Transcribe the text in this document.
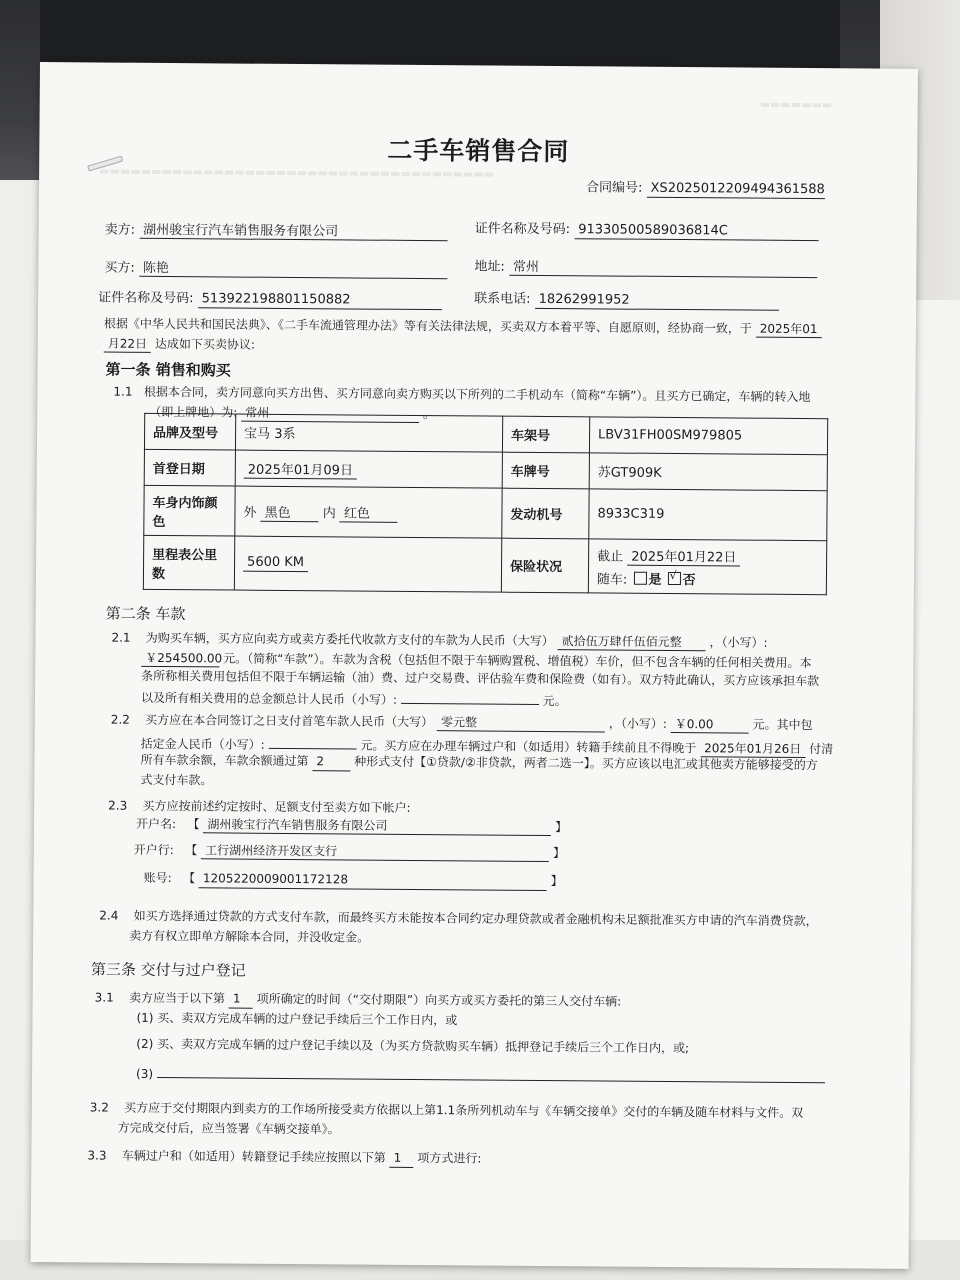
▬▬▬▬▬▬▬
▬▬▬▬▬▬▬▬▬▬▬▬▬▬▬▬▬▬▬▬▬▬▬▬▬▬▬▬▬▬▬▬▬▬▬▬▬▬
二手车销售合同
合同编号: XS2025012209494361588
卖方: 湖州骏宝行汽车销售服务有限公司	证件名称及号码: 91330500589036814C
买方: 陈艳	地址: 常州
证件名称及号码: 513922198801150882	联系电话: 18262991952
根据《中华人民共和国民法典》、《二手车流通管理办法》等有关法律法规，买卖双方本着平等、自愿原则，经协商一致，于 2025年01
月22日 达成如下买卖协议:
第一条 销售和购买
1.1 根据本合同，卖方同意向买方出售、买方同意向卖方购买以下所列的二手机动车（简称“车辆”）。且买方已确定，车辆的转入地
（即上牌地）为: 常州	。
品牌及型号	宝马 3系	车架号	LBV31FH00SM979805
首登日期	2025年01月09日	车牌号	苏GT909K
车身内饰颜色	外 黑色 内 红色	发动机号	8933C319
里程表公里数	5600 KM	保险状况	截止 2025年01月22日
随车: 是 √ 否
第二条 车款
2.1 为购买车辆，买方应向卖方或卖方委托代收款方支付的车款为人民币（大写） 贰拾伍万肆仟伍佰元整 ，（小写）:
￥254500.00 元。（简称“车款”）。车款为含税（包括但不限于车辆购置税、增值税）车价，但不包含车辆的任何相关费用。本
条所称相关费用包括但不限于车辆运输（油）费、过户交易费、评估验车费和保险费（如有）。双方特此确认，买方应该承担车款
以及所有相关费用的总金额总计人民币（小写）:	元。
2.2 买方应在本合同签订之日支付首笔车款人民币（大写） 零元整	，（小写）: ￥0.00	元。其中包
括定金人民币（小写）:	元。买方应在办理车辆过户和（如适用）转籍手续前且不得晚于 2025年01月26日 付清
所有车款余额，车款余额通过第 2	种形式支付【①贷款/②非贷款，两者二选一】。买方应该以电汇或其他卖方能够接受的方
式支付车款。
2.3 买方应按前述约定按时、足额支付至卖方如下帐户:
开户名: 【 湖州骏宝行汽车销售服务有限公司	】
开户行: 【 工行湖州经济开发区支行	】
账号: 【 1205220009001172128	】
2.4 如买方选择通过贷款的方式支付车款，而最终买方未能按本合同约定办理贷款或者金融机构未足额批准买方申请的汽车消费贷款，
卖方有权立即单方解除本合同，并没收定金。
第三条 交付与过户登记
3.1 卖方应当于以下第 1 项所确定的时间（“交付期限”）向买方或买方委托的第三人交付车辆:
(1) 买、卖双方完成车辆的过户登记手续后三个工作日内，或
(2) 买、卖双方完成车辆的过户登记手续以及（为买方贷款购买车辆）抵押登记手续后三个工作日内，或;
(3)
3.2 买方应于交付期限内到卖方的工作场所接受卖方依据以上第1.1条所列机动车与《车辆交接单》交付的车辆及随车材料与文件。双
方完成交付后，应当签署《车辆交接单》。
3.3 车辆过户和（如适用）转籍登记手续应按照以下第 1 项方式进行:
